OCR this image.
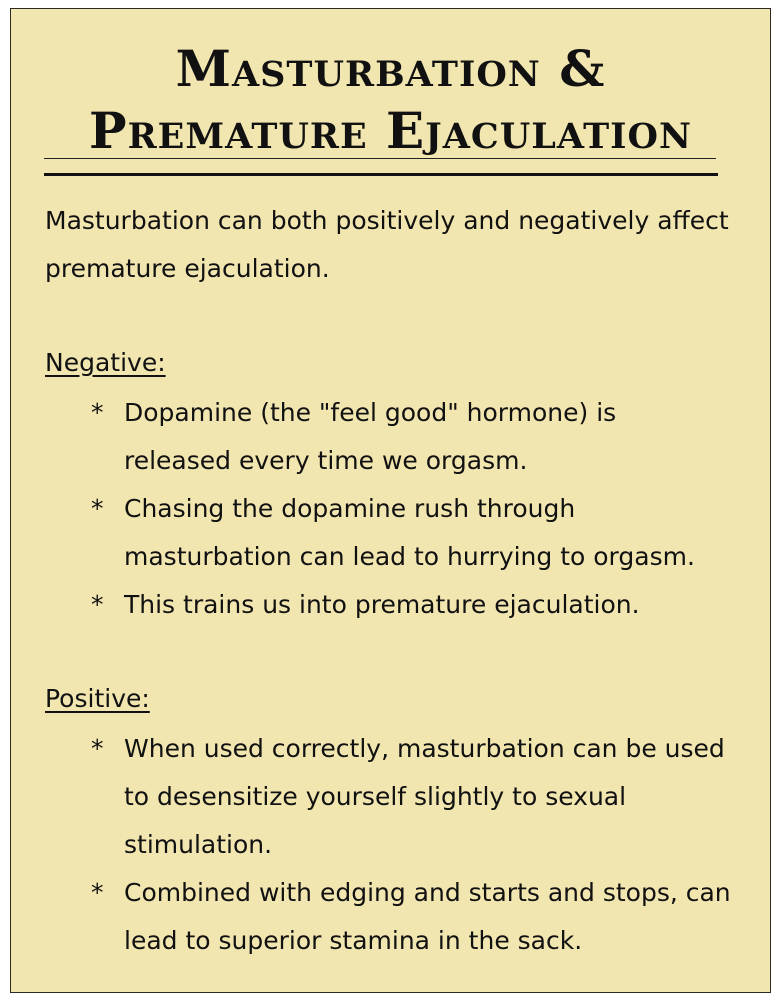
Masturbation &
Premature Ejaculation

Masturbation can both positively and negatively affect premature ejaculation.

Negative:

* Dopamine (the "feel good" hormone) is released every time we orgasm.
* Chasing the dopamine rush through masturbation can lead to hurrying to orgasm.
* This trains us into premature ejaculation.

Positive:

* When used correctly, masturbation can be used to desensitize yourself slightly to sexual stimulation.
* Combined with edging and starts and stops, can lead to superior stamina in the sack.
